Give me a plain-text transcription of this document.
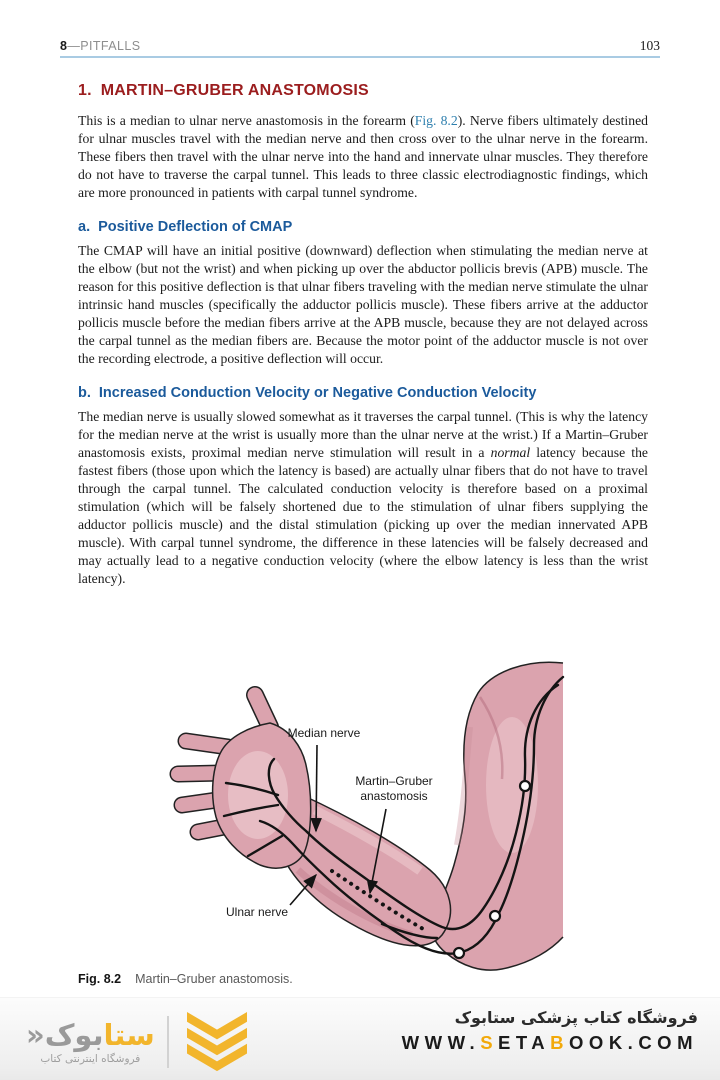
8—PITFALLS	103
1. MARTIN–GRUBER ANASTOMOSIS

This is a median to ulnar nerve anastomosis in the forearm (Fig. 8.2). Nerve fibers ultimately destined for ulnar muscles travel with the median nerve and then cross over to the ulnar nerve in the forearm. These fibers then travel with the ulnar nerve into the hand and innervate ulnar muscles. They therefore do not have to traverse the carpal tunnel. This leads to three classic electrodiagnostic findings, which are more pronounced in patients with carpal tunnel syndrome.

a. Positive Deflection of CMAP

The CMAP will have an initial positive (downward) deflection when stimulating the median nerve at the elbow (but not the wrist) and when picking up over the abductor pollicis brevis (APB) muscle. The reason for this positive deflection is that ulnar fibers traveling with the median nerve stimulate the ulnar intrinsic hand muscles (specifically the adductor pollicis muscle). These fibers arrive at the adductor pollicis muscle before the median fibers arrive at the APB muscle, because they are not delayed across the carpal tunnel as the median fibers are. Because the motor point of the adductor muscle is not over the recording electrode, a positive deflection will occur.

b. Increased Conduction Velocity or Negative Conduction Velocity

The median nerve is usually slowed somewhat as it traverses the carpal tunnel. (This is why the latency for the median nerve at the wrist is usually more than the ulnar nerve at the wrist.) If a Martin–Gruber anastomosis exists, proximal median nerve stimulation will result in a normal latency because the fastest fibers (those upon which the latency is based) are actually ulnar fibers that do not have to travel through the carpal tunnel. The calculated conduction velocity is therefore based on a proximal stimulation (which will be falsely shortened due to the stimulation of ulnar fibers supplying the adductor pollicis muscle) and the distal stimulation (picking up over the median innervated APB muscle). With carpal tunnel syndrome, the difference in these latencies will be falsely decreased and may actually lead to a negative conduction velocity (where the elbow latency is less than the wrist latency).

Median nerve
Martin–Gruber
anastomosis
Ulnar nerve
Fig. 8.2 Martin–Gruber anastomosis.
ستابوک«
فروشگاه اینترنتی کتاب
فروشگاه کتاب پزشکی ستابوک
WWW.SETABOOK.COM
